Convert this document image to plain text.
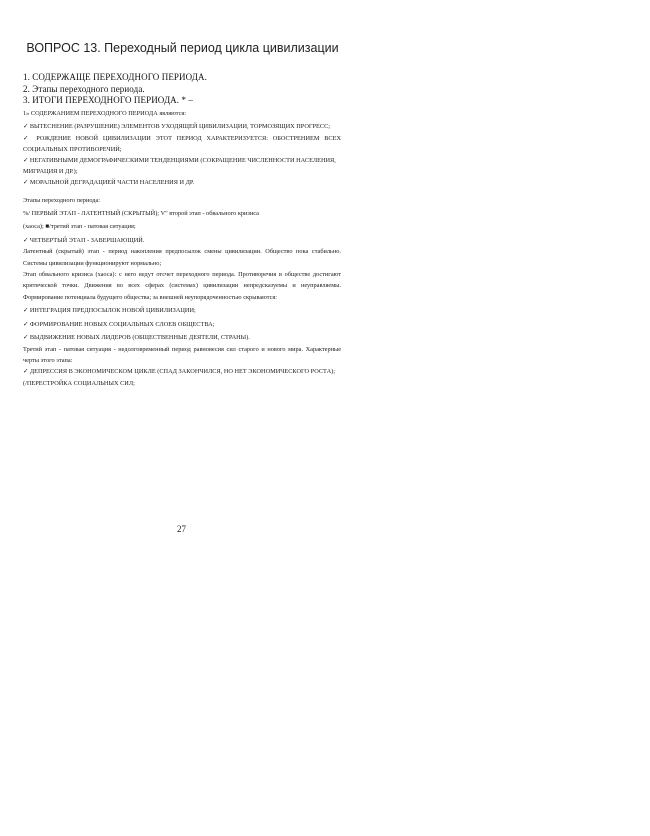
ВОПРОС 13. Переходный период цикла цивилизации
1. СОДЕРЖАЩЕ ПЕРЕХОДНОГО ПЕРИОДА.
2. Этапы переходного периода.
3. ИТОГИ ПЕРЕХОДНОГО ПЕРИОДА. * –

1» СОДЕРЖАНИЕМ ПЕРЕХОДНОГО ПЕРИОДА являются:

✓ ВЫТЕСНЕНИЕ (РАЗРУШЕНИЕ) ЭЛЕМЕНТОВ УХОДЯЩЕЙ ЦИВИЛИЗАЦИИ, ТОРМОЗЯЩИХ ПРОГРЕСС;

✓ РОЖДЕНИЕ НОВОЙ ЦИВИЛИЗАЦИИ ЭТОТ ПЕРИОД ХАРАКТЕРИЗУЕТСЯ: ОБОСТРЕНИЕМ ВСЕХ СОЦИАЛЬНЫХ ПРОТИВОРЕЧИЙ;

✓ НЕГАТИВНЫМИ ДЕМОГРАФИЧЕСКИМИ ТЕНДЕНЦИЯМИ (СОКРАЩЕНИЕ ЧИСЛЕННОСТИ НАСЕЛЕНИЯ, МИГРАЦИЯ И ДР.);

✓ МОРАЛЬНОЙ ДЕГРАДАЦИЕЙ ЧАСТИ НАСЕЛЕНИЯ И ДР.

Этапы переходного периода:

%/ ПЕРВЫЙ ЭТАП - ЛАТЕНТНЫЙ (СКРЫТЫЙ); V" второй этап - обвального кризиса

(хаоса); ■/третий этап - патовая ситуация;

✓ ЧЕТВЕРТЫЙ ЭТАП - ЗАВЕРШАЮЩИЙ.

Латентный (скрытый) этап - период накопления предпосылок смены цивилизации. Общество пока стабильно. Системы цивилизации функционируют нормально;

Этап обвального кризиса (хаоса): с него ведут отсчет переходного периода. Противоречия в обществе достигают критической точки. Движения во всех сферах (системах) цивилизации непредсказуемы и неуправляемы. Формирование потенциала будущего общества; за внешней неупорядоченностью скрываются:

✓ ИНТЕГРАЦИЯ ПРЕДПОСЫЛОК НОВОЙ ЦИВИЛИЗАЦИИ;

✓ ФОРМИРОВАНИЕ НОВЫХ СОЦИАЛЬНЫХ СЛОЕВ ОБЩЕСТВА;

✓ ВЫДВИЖЕНИЕ НОВЫХ ЛИДЕРОВ (ОБЩЕСТВЕННЫЕ ДЕЯТЕЛИ, СТРАНЫ).

Третий этап - патовая ситуация - недолговременный период равновесия сил старого и нового мира. Характерные черты этого этапа:

✓ ДЕПРЕССИЯ В ЭКОНОМИЧЕСКОМ ЦИКЛЕ (СПАД ЗАКОНЧИЛСЯ, НО НЕТ ЭКОНОМИЧЕСКОГО РОСТА);

(/ПЕРЕСТРОЙКА СОЦИАЛЬНЫХ СИЛ;

27
